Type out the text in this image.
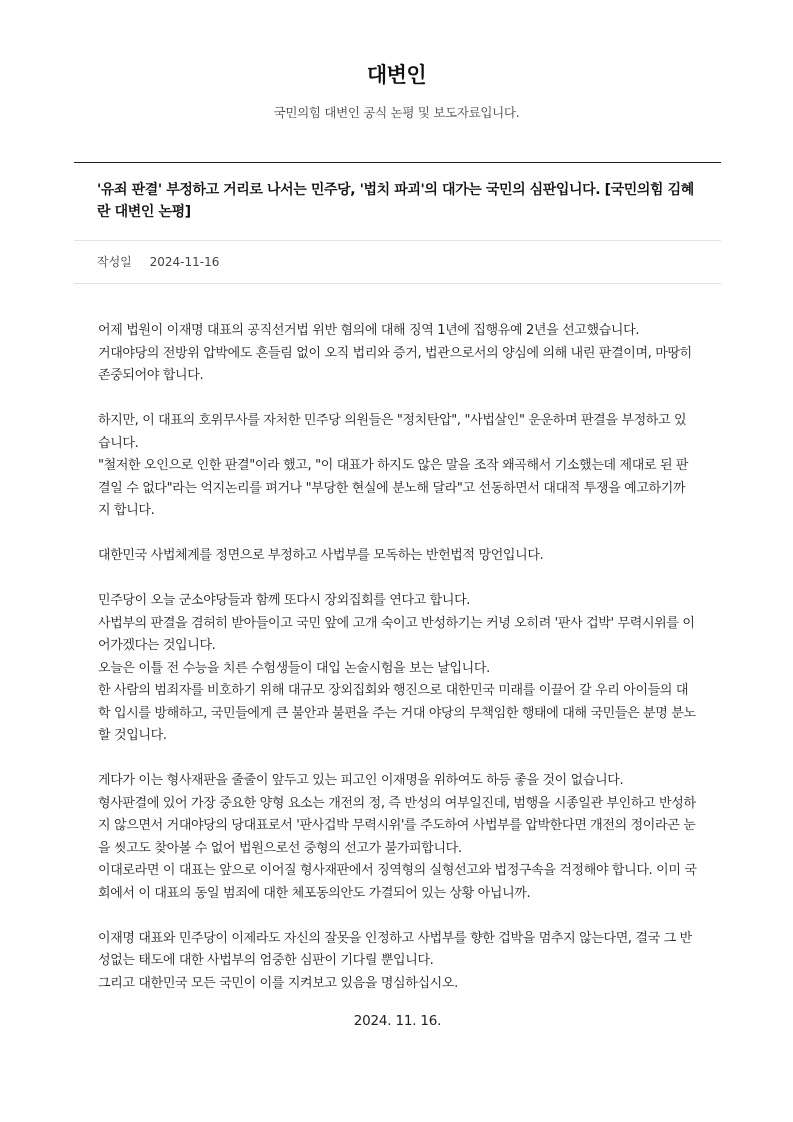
대변인
국민의힘 대변인 공식 논평 및 보도자료입니다.
'유죄 판결' 부정하고 거리로 나서는 민주당, '법치 파괴'의 대가는 국민의 심판입니다. [국민의힘 김혜란 대변인 논평]
작성일 2024-11-16

어제 법원이 이재명 대표의 공직선거법 위반 혐의에 대해 징역 1년에 집행유예 2년을 선고했습니다.

거대야당의 전방위 압박에도 흔들림 없이 오직 법리와 증거, 법관으로서의 양심에 의해 내린 판결이며, 마땅히 존중되어야 합니다.

하지만, 이 대표의 호위무사를 자처한 민주당 의원들은 "정치탄압", "사법살인" 운운하며 판결을 부정하고 있습니다.

"철저한 오인으로 인한 판결"이라 했고, "이 대표가 하지도 않은 말을 조작 왜곡해서 기소했는데 제대로 된 판결일 수 없다"라는 억지논리를 펴거나 "부당한 현실에 분노해 달라"고 선동하면서 대대적 투쟁을 예고하기까지 합니다.

대한민국 사법체계를 정면으로 부정하고 사법부를 모독하는 반헌법적 망언입니다.

민주당이 오늘 군소야당들과 함께 또다시 장외집회를 연다고 합니다.

사법부의 판결을 겸허히 받아들이고 국민 앞에 고개 숙이고 반성하기는 커녕 오히려 '판사 겁박' 무력시위를 이어가겠다는 것입니다.

오늘은 이틀 전 수능을 치른 수험생들이 대입 논술시험을 보는 날입니다.

한 사람의 범죄자를 비호하기 위해 대규모 장외집회와 행진으로 대한민국 미래를 이끌어 갈 우리 아이들의 대학 입시를 방해하고, 국민들에게 큰 불안과 불편을 주는 거대 야당의 무책임한 행태에 대해 국민들은 분명 분노할 것입니다.

게다가 이는 형사재판을 줄줄이 앞두고 있는 피고인 이재명을 위하여도 하등 좋을 것이 없습니다.

형사판결에 있어 가장 중요한 양형 요소는 개전의 정, 즉 반성의 여부일진데, 범행을 시종일관 부인하고 반성하지 않으면서 거대야당의 당대표로서 '판사겁박 무력시위'를 주도하여 사법부를 압박한다면 개전의 정이라곤 눈을 씻고도 찾아볼 수 없어 법원으로선 중형의 선고가 불가피합니다.

이대로라면 이 대표는 앞으로 이어질 형사재판에서 징역형의 실형선고와 법정구속을 걱정해야 합니다. 이미 국회에서 이 대표의 동일 범죄에 대한 체포동의안도 가결되어 있는 상황 아닙니까.

이재명 대표와 민주당이 이제라도 자신의 잘못을 인정하고 사법부를 향한 겁박을 멈추지 않는다면, 결국 그 반성없는 태도에 대한 사법부의 엄중한 심판이 기다릴 뿐입니다.

그리고 대한민국 모든 국민이 이를 지켜보고 있음을 명심하십시오.

2024. 11. 16.
